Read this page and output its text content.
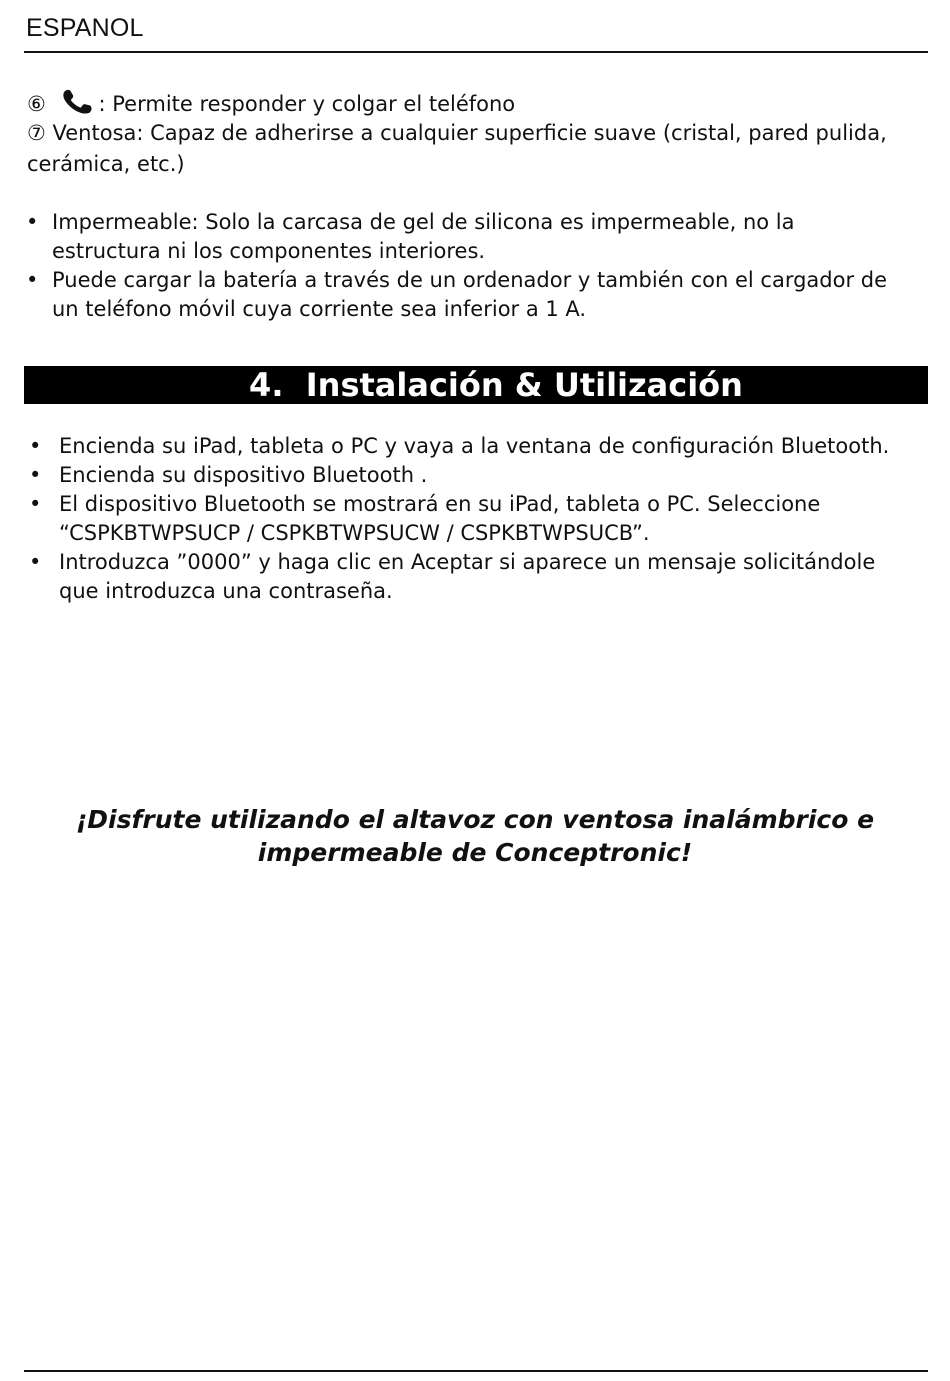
ESPANOL
⑥	: Permite responder y colgar el teléfono
⑦ Ventosa: Capaz de adherirse a cualquier superficie suave (cristal, pared pulida,
cerámica, etc.)
• Impermeable: Solo la carcasa de gel de silicona es impermeable, no la
estructura ni los componentes interiores.
• Puede cargar la batería a través de un ordenador y también con el cargador de
un teléfono móvil cuya corriente sea inferior a 1 A.
4.  Instalación & Utilización
• Encienda su iPad, tableta o PC y vaya a la ventana de configuración Bluetooth.
• Encienda su dispositivo Bluetooth .
• El dispositivo Bluetooth se mostrará en su iPad, tableta o PC. Seleccione
“CSPKBTWPSUCP / CSPKBTWPSUCW / CSPKBTWPSUCB”.
• Introduzca ”0000” y haga clic en Aceptar si aparece un mensaje solicitándole
que introduzca una contraseña.
¡Disfrute utilizando el altavoz con ventosa inalámbrico e
impermeable de Conceptronic!
